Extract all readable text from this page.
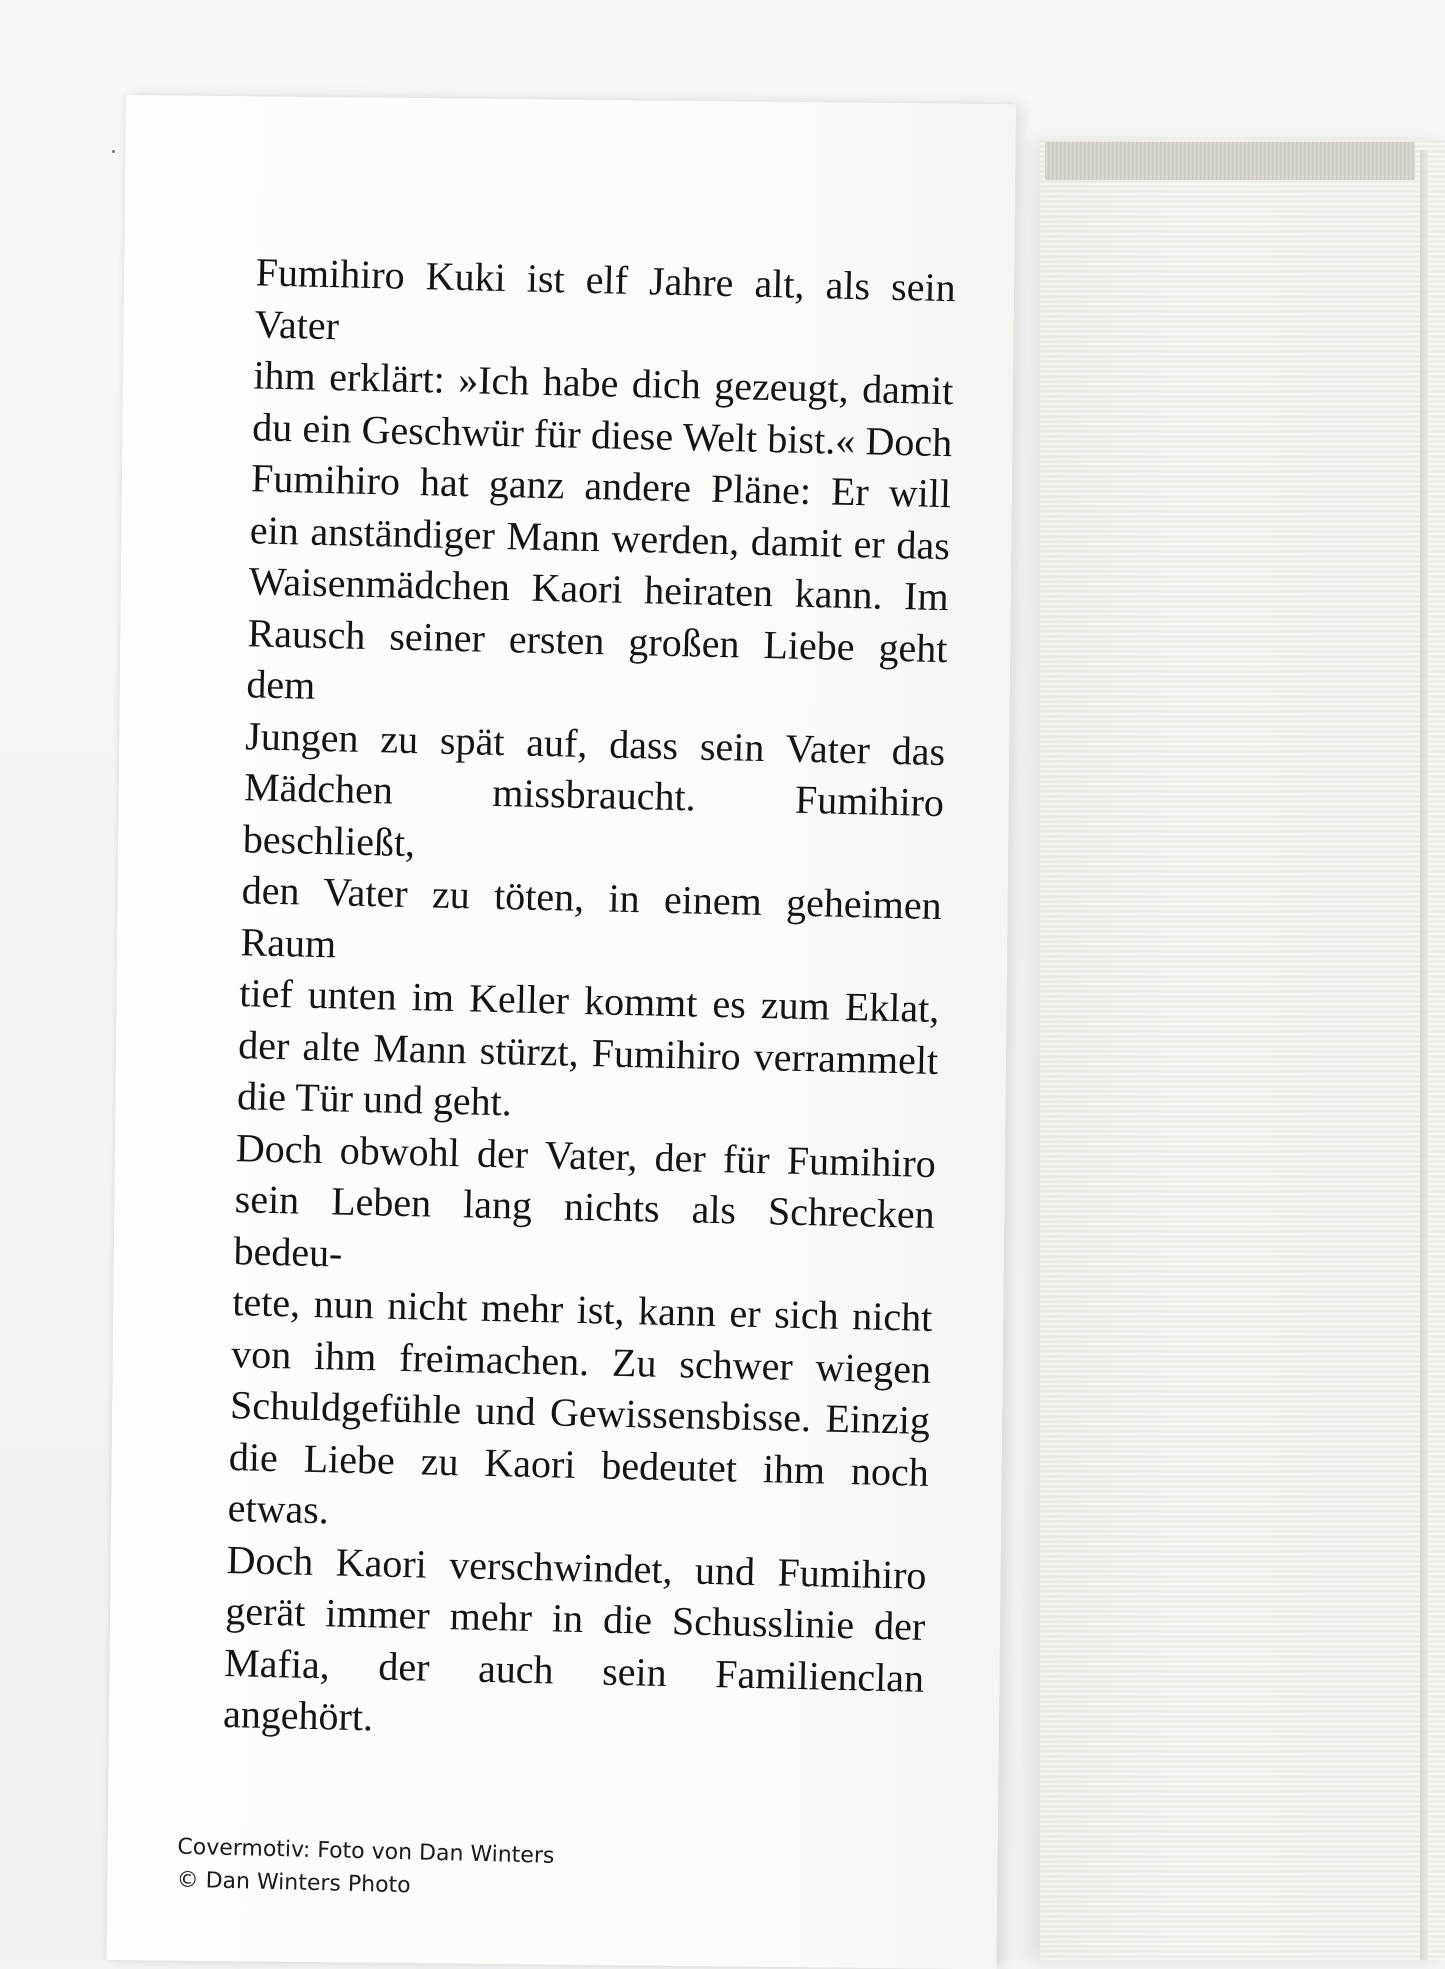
Fumihiro Kuki ist elf Jahre alt, als sein Vater
ihm erklärt: »Ich habe dich gezeugt, damit
du ein Geschwür für diese Welt bist.« Doch
Fumihiro hat ganz andere Pläne: Er will
ein anständiger Mann werden, damit er das
Waisenmädchen Kaori heiraten kann. Im
Rausch seiner ersten großen Liebe geht dem
Jungen zu spät auf, dass sein Vater das
Mädchen missbraucht. Fumihiro beschließt,
den Vater zu töten, in einem geheimen Raum
tief unten im Keller kommt es zum Eklat,
der alte Mann stürzt, Fumihiro verrammelt
die Tür und geht.
Doch obwohl der Vater, der für Fumihiro
sein Leben lang nichts als Schrecken bedeu-
tete, nun nicht mehr ist, kann er sich nicht
von ihm freimachen. Zu schwer wiegen
Schuldgefühle und Gewissensbisse. Einzig
die Liebe zu Kaori bedeutet ihm noch etwas.
Doch Kaori verschwindet, und Fumihiro
gerät immer mehr in die Schusslinie der
Mafia, der auch sein Familienclan angehört.
Covermotiv: Foto von Dan Winters
© Dan Winters Photo
